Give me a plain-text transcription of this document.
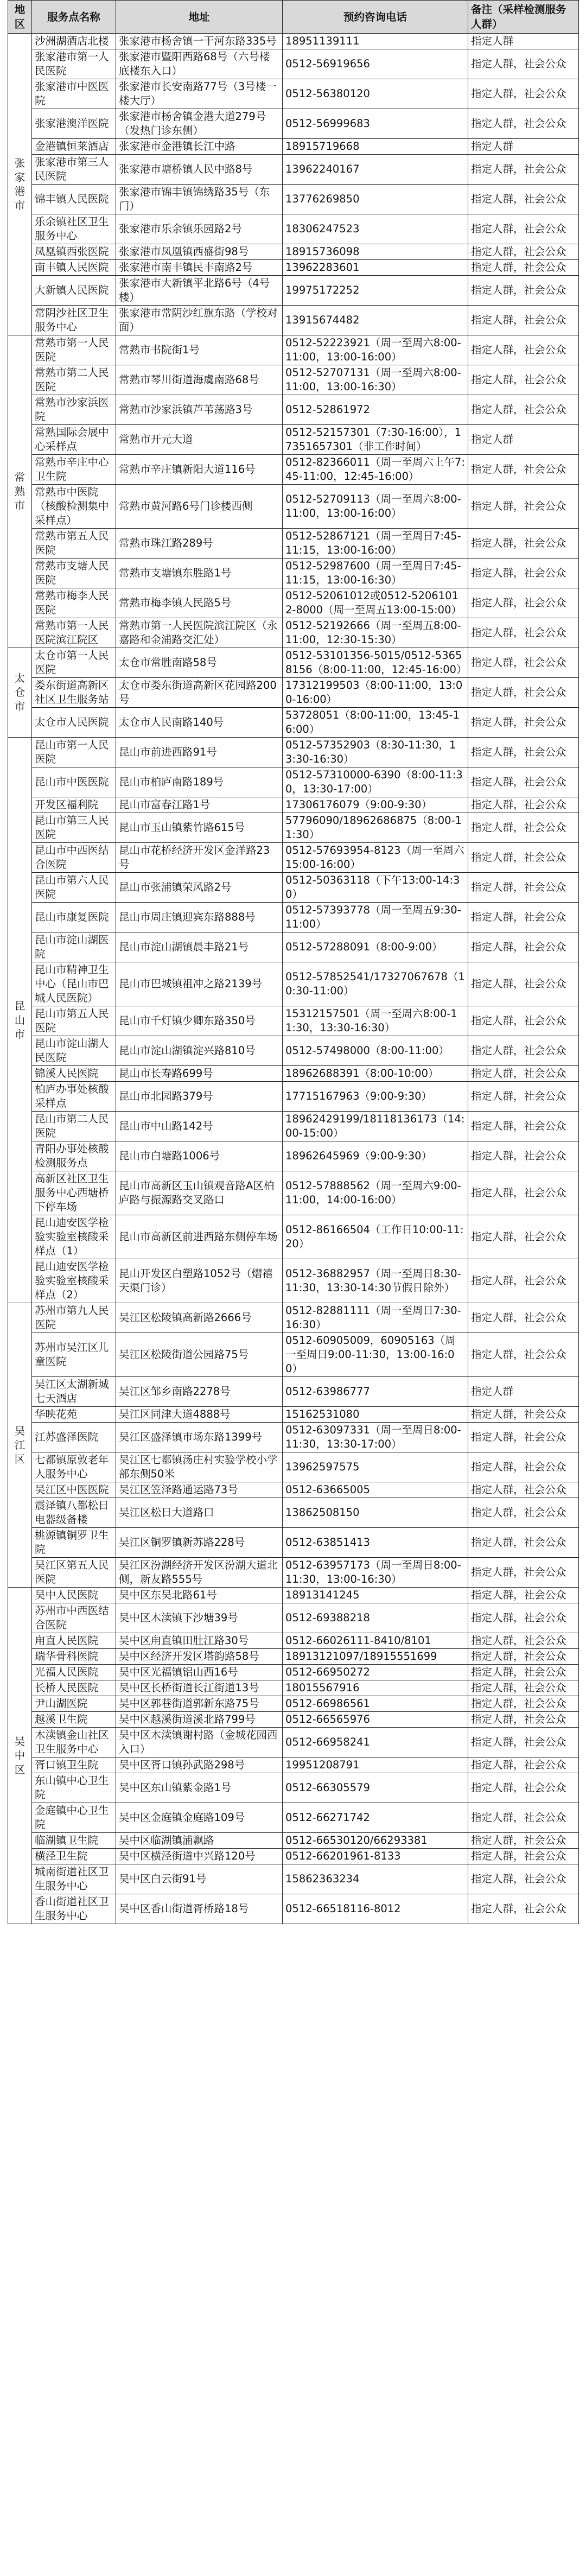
地区	服务点名称	地址	预约咨询电话	备注（采样检测服务人群）
张家港市	沙洲湖酒店北楼	张家港市杨舍镇一干河东路335号	18951139111	指定人群
	张家港市第一人民医院	张家港市暨阳西路68号（六号楼底楼东入口）	0512-56919656	指定人群，社会公众
	张家港市中医医院	张家港市长安南路77号（3号楼一楼大厅）	0512-56380120	指定人群，社会公众
	张家港澳洋医院	张家港市杨舍镇金港大道279号（发热门诊东侧）	0512-56999683	指定人群，社会公众
	金港镇恒莱酒店	张家港市金港镇长江中路	18915719668	指定人群
	张家港市第三人民医院	张家港市塘桥镇人民中路8号	13962240167	指定人群，社会公众
	锦丰镇人民医院	张家港市锦丰镇锦绣路35号（东门）	13776269850	指定人群，社会公众
	乐余镇社区卫生服务中心	张家港市乐余镇乐园路2号	18306247523	指定人群，社会公众
	凤凰镇西张医院	张家港市凤凰镇西盛街98号	18915736098	指定人群，社会公众
	南丰镇人民医院	张家港市南丰镇民丰南路2号	13962283601	指定人群，社会公众
	大新镇人民医院	张家港市大新镇平北路6号（4号楼）	19975172252	指定人群，社会公众
	常阴沙社区卫生服务中心	张家港市常阴沙红旗东路（学校对面）	13915674482	指定人群，社会公众
常熟市	常熟市第一人民医院	常熟市书院街1号	0512-52223921（周一至周六8:00-11:00，13:00-16:00）	指定人群，社会公众
	常熟市第二人民医院	常熟市琴川街道海虞南路68号	0512-52707131（周一至周六8:00-11:00，13:00-16:30）	指定人群，社会公众
	常熟市沙家浜医院	常熟市沙家浜镇芦苇荡路3号	0512-52861972	指定人群，社会公众
	常熟国际会展中心采样点	常熟市开元大道	0512-52157301（7:30-16:00），17351657301（非工作时间）	指定人群
	常熟市辛庄中心卫生院	常熟市辛庄镇新阳大道116号	0512-82366011（周一至周六上午7:45-11:00，12:45-16:00）	指定人群，社会公众
	常熟市中医院（核酸检测集中采样点）	常熟市黄河路6号门诊楼西侧	0512-52709113（周一至周六8:00-11:00，13:00-16:00）	指定人群，社会公众
	常熟市第五人民医院	常熟市珠江路289号	0512-52867121（周一至周日7:45-11:15，13:00-16:00）	指定人群，社会公众
	常熟市支塘人民医院	常熟市支塘镇东胜路1号	0512-52987600（周一至周日7:45-11:15，13:00-16:30）	指定人群，社会公众
	常熟市梅李人民医院	常熟市梅李镇人民路5号	0512-52061012或0512-52061012-8000（周一至周五13:00-15:00）	指定人群，社会公众
	常熟市第一人民医院滨江院区	常熟市第一人民医院滨江院区（永嘉路和金浦路交汇处）	0512-52192666（周一至周五8:00-11:00，12:30-15:30）	指定人群，社会公众
太仓市	太仓市第一人民医院	太仓市常胜南路58号	0512-53101356-5015/0512-53658156（8:00-11:00，12:45-16:00）	指定人群，社会公众
	娄东街道高新区社区卫生服务站	太仓市娄东街道高新区花园路200号	17312199503（8:00-11:00，13:00-16:00）	指定人群，社会公众
	太仓市人民医院	太仓市人民南路140号	53728051（8:00-11:00，13:45-16:00）	指定人群，社会公众
昆山市	昆山市第一人民医院	昆山市前进西路91号	0512-57352903（8:30-11:30，13:30-16:30）	指定人群，社会公众
	昆山市中医医院	昆山市柏庐南路189号	0512-57310000-6390（8:00-11:30，13:30-17:00）	指定人群，社会公众
	开发区福利院	昆山市富春江路1号	17306176079（9:00-9:30）	指定人群，社会公众
	昆山市第三人民医院	昆山市玉山镇紫竹路615号	57796090/18962686875（8:00-11:30）	指定人群，社会公众
	昆山市中西医结合医院	昆山市花桥经济开发区金洋路23号	0512-57693954-8123（周一至周六15:00-16:00）	指定人群，社会公众
	昆山市第六人民医院	昆山市张浦镇荣风路2号	0512-50363118（下午13:00-14:30）	指定人群，社会公众
	昆山市康复医院	昆山市周庄镇迎宾东路888号	0512-57393778（周一至周五9:30-11:00）	指定人群，社会公众
	昆山市淀山湖医院	昆山市淀山湖镇晨丰路21号	0512-57288091（8:00-9:00）	指定人群，社会公众
	昆山市精神卫生中心（昆山市巴城人民医院）	昆山市巴城镇祖冲之路2139号	0512-57852541/17327067678（10:30-11:00）	指定人群，社会公众
	昆山市第五人民医院	昆山市千灯镇少卿东路350号	15312157501（周一至周六8:00-11:30，13:30-16:30）	指定人群，社会公众
	昆山市淀山湖人民医院	昆山市淀山湖镇淀兴路810号	0512-57498000（8:00-11:00）	指定人群，社会公众
	锦溪人民医院	昆山市长寿路699号	18962688391（8:00-10:00）	指定人群，社会公众
	柏庐办事处核酸采样点	昆山市北园路379号	17715167963（9:00-9:30）	指定人群，社会公众
	昆山市第二人民医院	昆山市中山路142号	18962429199/18118136173（14:00-15:00）	指定人群，社会公众
	青阳办事处核酸检测服务点	昆山市白塘路1006号	18962645969（9:00-9:30）	指定人群，社会公众
	高新区社区卫生服务中心西塘桥下停车场	昆山市高新区玉山镇观音路A区柏庐路与振源路交叉路口	0512-57888562（周一至周六9:00-11:00，14:00-16:00）	指定人群，社会公众
	昆山迪安医学检验实验室核酸采样点（1）	昆山市高新区前进西路东侧停车场	0512-86166504（工作日10:00-11:20）	指定人群，社会公众
	昆山迪安医学检验实验室核酸采样点（2）	昆山开发区白塑路1052号（熠禧天渠门诊）	0512-36882957（周一至周日8:30-11:30，13:30-14:30节假日除外）	指定人群，社会公众
吴江区	苏州市第九人民医院	吴江区松陵镇高新路2666号	0512-82881111（周一至周日7:30-16:30）	指定人群，社会公众
	苏州市吴江区儿童医院	吴江区松陵街道公园路75号	0512-60905009，60905163（周一至周日9:00-11:30，13:00-16:00）	指定人群，社会公众
	吴江区太湖新城七天酒店	吴江区邹乡南路2278号	0512-63986777	指定人群
	华映花苑	吴江区同津大道4888号	15162531080	指定人群，社会公众
	江苏盛泽医院	吴江区盛泽镇市场东路1399号	0512-63097331（周一至周日8:00-11:30，13:30-17:00）	指定人群，社会公众
	七都镇原敦老年人服务中心	吴江区七都镇汤庄村实验学校小学部东侧50米	13962597575	指定人群，社会公众
	吴江区中医医院	吴江区笠泽路通运路73号	0512-63665005	指定人群，社会公众
	震泽镇八都松日电器级备楼	吴江区松日大道路口	13862508150	指定人群，社会公众
	桃源镇铜罗卫生院	吴江区铜罗镇新苏路228号	0512-63851413	指定人群，社会公众
	吴江区第五人民医院	吴江区汾湖经济开发区汾湖大道北侧，新友路555号	0512-63957173（周一至周日8:00-11:30，13:00-16:30）	指定人群，社会公众
吴中区	吴中人民医院	吴中区东吴北路61号	18913141245	指定人群，社会公众
	苏州市中西医结合医院	吴中区木渎镇下沙塘39号	0512-69388218	指定人群，社会公众
	甪直人民医院	吴中区甪直镇田肚江路30号	0512-66026111-8410/8101	指定人群，社会公众
	瑞华骨科医院	吴中区经济开发区塔韵路58号	18913121097/18915551699	指定人群，社会公众
	光福人民医院	吴中区光福镇铝山西16号	0512-66950272	指定人群，社会公众
	长桥人民医院	吴中区长桥街道长江街道13号	18015567916	指定人群，社会公众
	尹山湖医院	吴中区郭巷街道郭新东路75号	0512-66986561	指定人群，社会公众
	越溪卫生院	吴中区越溪街道溪北路799号	0512-66565976	指定人群，社会公众
	木渎镇金山社区卫生服务中心	吴中区木渎镇谢村路（金城花园西入口）	0512-66958241	指定人群，社会公众
	胥口镇卫生院	吴中区胥口镇孙武路298号	19951208791	指定人群，社会公众
	东山镇中心卫生院	吴中区东山镇紫金路1号	0512-66305579	指定人群，社会公众
	金庭镇中心卫生院	吴中区金庭镇金庭路109号	0512-66271742	指定人群，社会公众
	临湖镇卫生院	吴中区临湖镇浦飘路	0512-66530120/66293381	指定人群，社会公众
	横泾卫生院	吴中区横泾街道中兴路120号	0512-66201961-8133	指定人群，社会公众
	城南街道社区卫生服务中心	吴中区白云街91号	15862363234	指定人群，社会公众
	香山街道社区卫生服务中心	吴中区香山街道胥桥路18号	0512-66518116-8012	指定人群，社会公众
